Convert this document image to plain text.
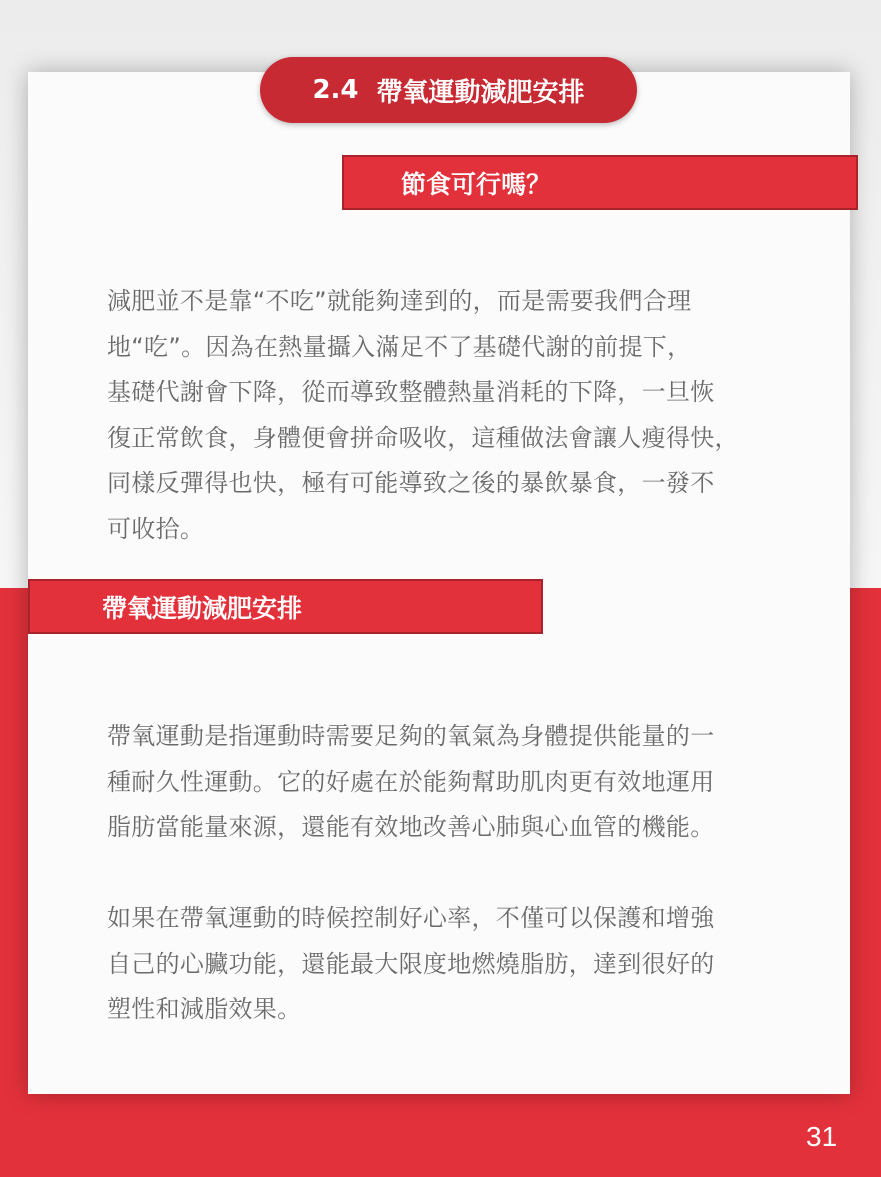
2.4 帶氧運動減肥安排
節食可行嗎？

減肥並不是靠“不吃”就能夠達到的，而是需要我們合理
地“吃”。因為在熱量攝入滿足不了基礎代謝的前提下，
基礎代謝會下降，從而導致整體熱量消耗的下降，一旦恢
復正常飲食，身體便會拼命吸收，這種做法會讓人瘦得快，
同樣反彈得也快，極有可能導致之後的暴飲暴食，一發不
可收拾。

帶氧運動減肥安排

帶氧運動是指運動時需要足夠的氧氣為身體提供能量的一
種耐久性運動。它的好處在於能夠幫助肌肉更有效地運用
脂肪當能量來源，還能有效地改善心肺與心血管的機能。

如果在帶氧運動的時候控制好心率，不僅可以保護和增強
自己的心臟功能，還能最大限度地燃燒脂肪，達到很好的
塑性和減脂效果。

31
